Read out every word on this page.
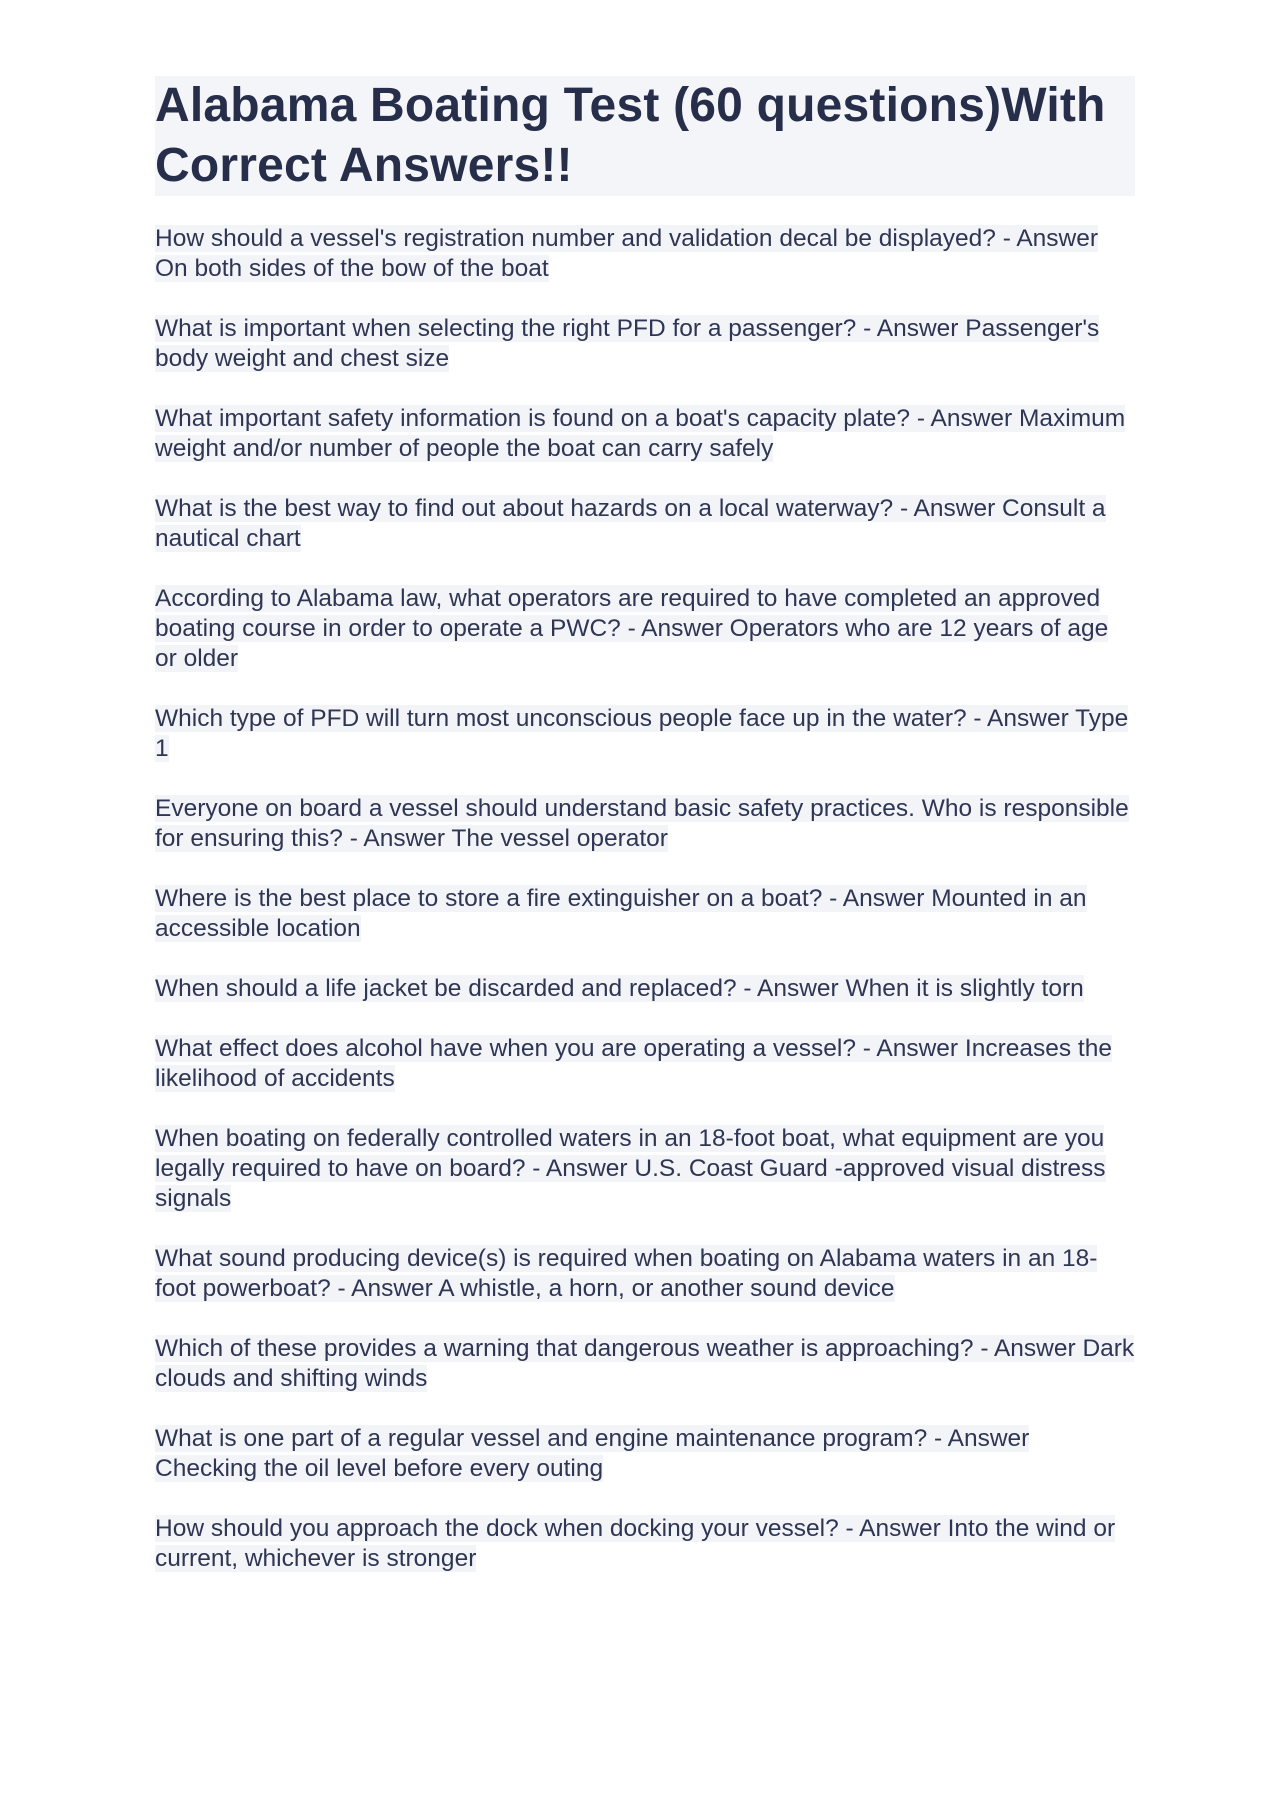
Alabama Boating Test (60 questions)With Correct Answers!!

How should a vessel's registration number and validation decal be displayed? - Answer On both sides of the bow of the boat

What is important when selecting the right PFD for a passenger? - Answer Passenger's body weight and chest size

What important safety information is found on a boat's capacity plate? - Answer Maximum weight and/or number of people the boat can carry safely

What is the best way to find out about hazards on a local waterway? - Answer Consult a nautical chart

According to Alabama law, what operators are required to have completed an approved boating course in order to operate a PWC? - Answer Operators who are 12 years of age or older

Which type of PFD will turn most unconscious people face up in the water? - Answer Type 1

Everyone on board a vessel should understand basic safety practices. Who is responsible for ensuring this? - Answer The vessel operator

Where is the best place to store a fire extinguisher on a boat? - Answer Mounted in an accessible location

When should a life jacket be discarded and replaced? - Answer When it is slightly torn

What effect does alcohol have when you are operating a vessel? - Answer Increases the likelihood of accidents

When boating on federally controlled waters in an 18-foot boat, what equipment are you legally required to have on board? - Answer U.S. Coast Guard -approved visual distress signals

What sound producing device(s) is required when boating on Alabama waters in an 18-foot powerboat? - Answer A whistle, a horn, or another sound device

Which of these provides a warning that dangerous weather is approaching? - Answer Dark clouds and shifting winds

What is one part of a regular vessel and engine maintenance program? - Answer Checking the oil level before every outing

How should you approach the dock when docking your vessel? - Answer Into the wind or current, whichever is stronger
